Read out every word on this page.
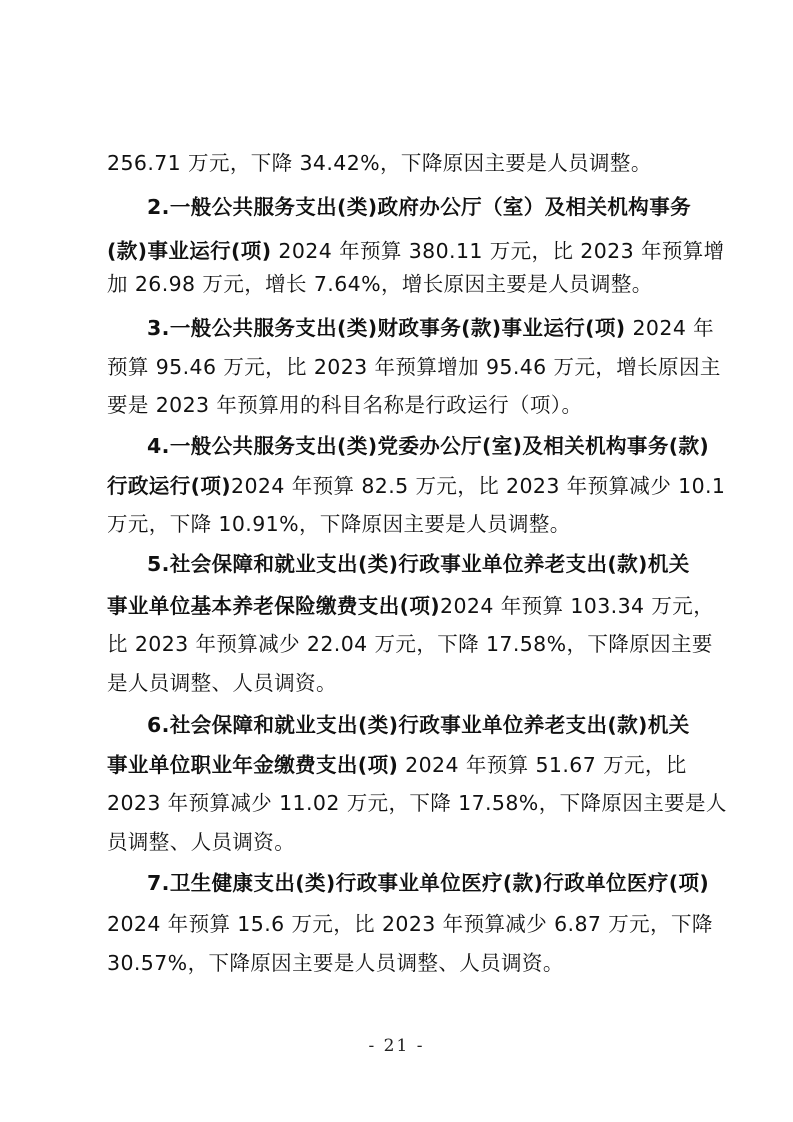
256.71 万元，下降 34.42%，下降原因主要是人员调整。
2.一般公共服务支出(类)政府办公厅（室）及相关机构事务
(款)事业运行(项) 2024 年预算 380.11 万元，比 2023 年预算增
加 26.98 万元，增长 7.64%，增长原因主要是人员调整。
3.一般公共服务支出(类)财政事务(款)事业运行(项) 2024 年
预算 95.46 万元，比 2023 年预算增加 95.46 万元，增长原因主
要是 2023 年预算用的科目名称是行政运行（项）。
4.一般公共服务支出(类)党委办公厅(室)及相关机构事务(款)
行政运行(项)2024 年预算 82.5 万元，比 2023 年预算减少 10.1
万元，下降 10.91%，下降原因主要是人员调整。
5.社会保障和就业支出(类)行政事业单位养老支出(款)机关
事业单位基本养老保险缴费支出(项)2024 年预算 103.34 万元，
比 2023 年预算减少 22.04 万元，下降 17.58%，下降原因主要
是人员调整、人员调资。
6.社会保障和就业支出(类)行政事业单位养老支出(款)机关
事业单位职业年金缴费支出(项) 2024 年预算 51.67 万元，比
2023 年预算减少 11.02 万元，下降 17.58%，下降原因主要是人
员调整、人员调资。
7.卫生健康支出(类)行政事业单位医疗(款)行政单位医疗(项)
2024 年预算 15.6 万元，比 2023 年预算减少 6.87 万元，下降
30.57%，下降原因主要是人员调整、人员调资。
- 21 -
